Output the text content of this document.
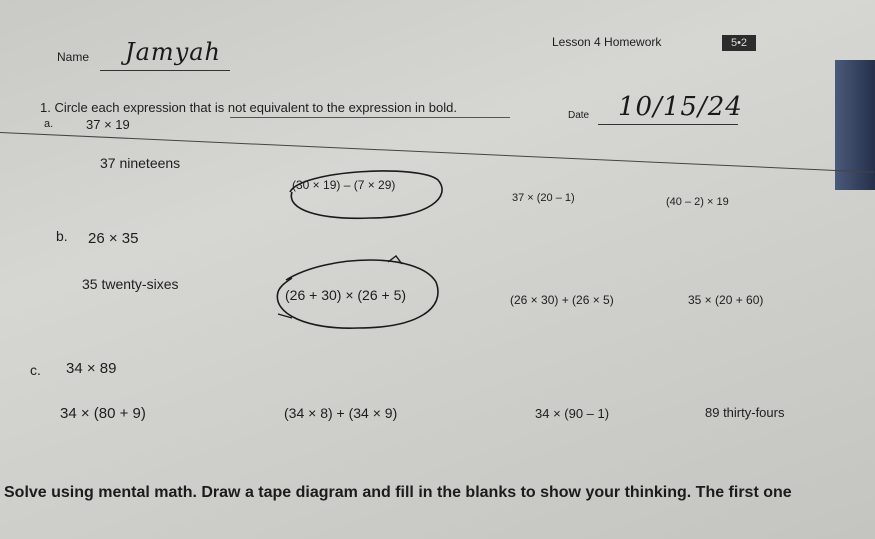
Lesson 4 Homework	5•2
Name Jamyah
Date 10/15/24
1. Circle each expression that is not equivalent to the expression in bold.
a.	37 × 19
37 nineteens
(30 × 19) – (7 × 29)
37 × (20 – 1)	(40 – 2) × 19
b. 26 × 35
35 twenty-sixes
(26 + 30) × (26 + 5)	(26 × 30) + (26 × 5)	35 × (20 + 60)
c. 34 × 89
34 × (80 + 9)	(34 × 8) + (34 × 9)	34 × (90 – 1)	89 thirty-fours
Solve using mental math. Draw a tape diagram and fill in the blanks to show your thinking. The first one
